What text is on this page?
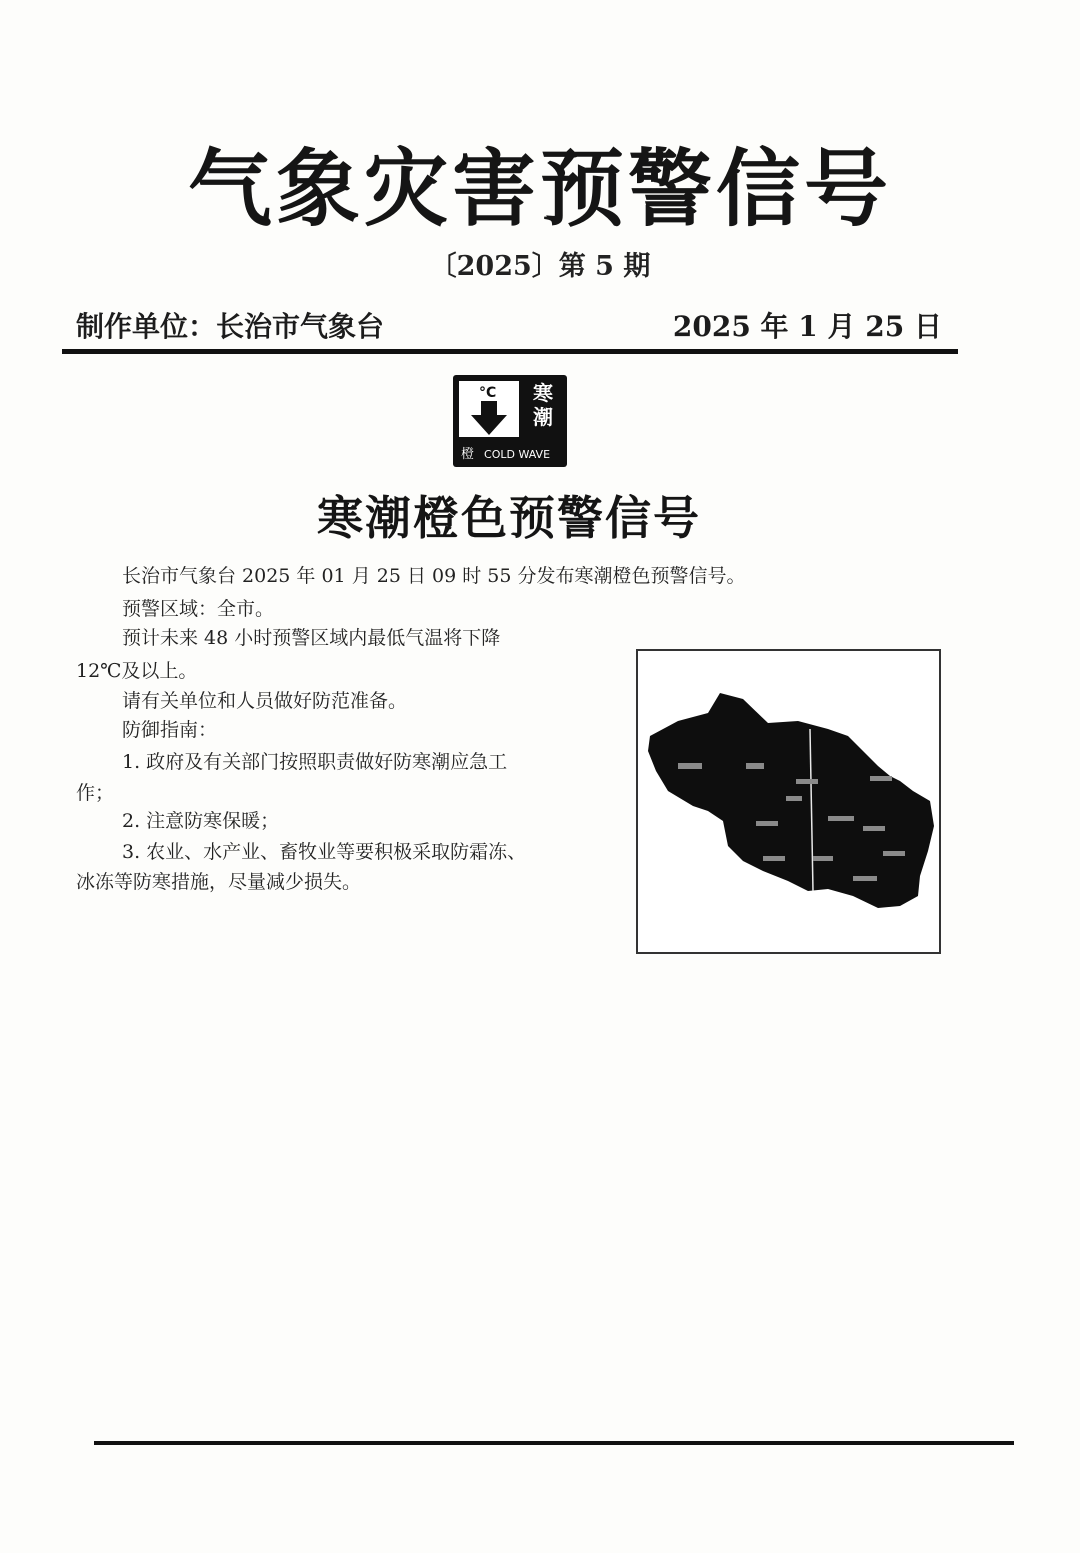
气象灾害预警信号
〔2025〕第 5 期
制作单位：长治市气象台	2025 年 1 月 25 日
°C	寒
潮
橙 COLD WAVE
寒潮橙色预警信号
长治市气象台 2025 年 01 月 25 日 09 时 55 分发布寒潮橙色预警信号。
预警区域：全市。
预计未来 48 小时预警区域内最低气温将下降
12℃及以上。
请有关单位和人员做好防范准备。
防御指南：
1. 政府及有关部门按照职责做好防寒潮应急工
作；
2. 注意防寒保暖；
3. 农业、水产业、畜牧业等要积极采取防霜冻、
冰冻等防寒措施，尽量减少损失。
